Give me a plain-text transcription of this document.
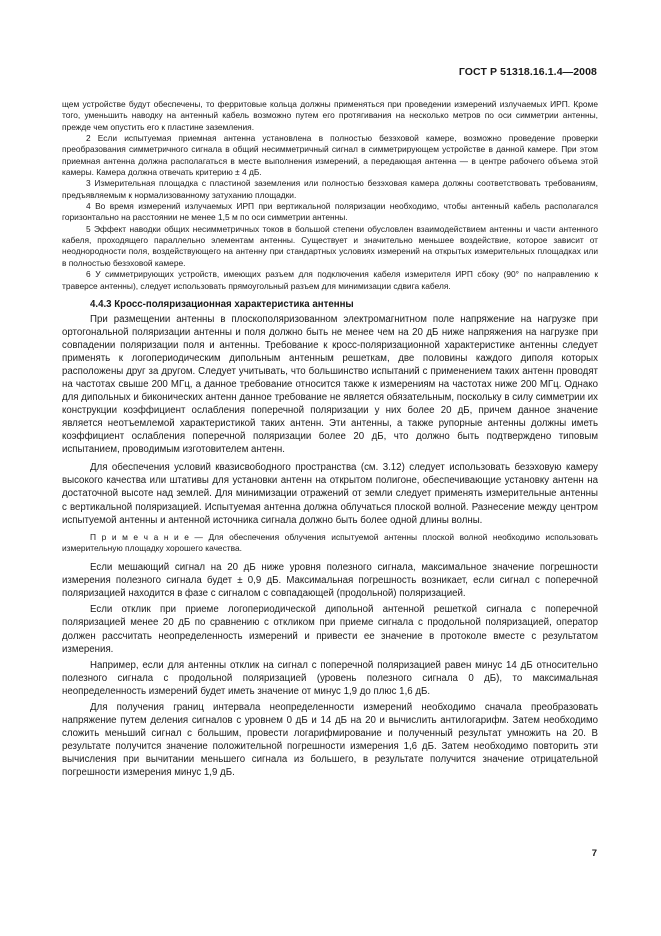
ГОСТ Р 51318.16.1.4—2008

щем устройстве будут обеспечены, то ферритовые кольца должны применяться при проведении измерений излучаемых ИРП. Кроме того, уменьшить наводку на антенный кабель возможно путем его протягивания на несколько метров по оси симметрии антенны, прежде чем опустить его к пластине заземления.

2 Если испытуемая приемная антенна установлена в полностью безэховой камере, возможно проведение проверки преобразования симметричного сигнала в общий несимметричный сигнал в симметрирующем устройстве в данной камере. При этом приемная антенна должна располагаться в месте выполнения измерений, а передающая антенна — в центре рабочего объема этой камеры. Камера должна отвечать критерию ± 4 дБ.

3 Измерительная площадка с пластиной заземления или полностью безэховая камера должны соответствовать требованиям, предъявляемым к нормализованному затуханию площадки.

4 Во время измерений излучаемых ИРП при вертикальной поляризации необходимо, чтобы антенный кабель располагался горизонтально на расстоянии не менее 1,5 м по оси симметрии антенны.

5 Эффект наводки общих несимметричных токов в большой степени обусловлен взаимодействием антенны и части антенного кабеля, проходящего параллельно элементам антенны. Существует и значительно меньшее воздействие, которое зависит от неоднородности поля, воздействующего на антенну при стандартных условиях измерений на открытых измерительных площадках или в полностью безэховой камере.

6 У симметрирующих устройств, имеющих разъем для подключения кабеля измерителя ИРП сбоку (90° по направлению к траверсе антенны), следует использовать прямоугольный разъем для минимизации сдвига кабеля.

4.4.3 Кросс-поляризационная характеристика антенны

При размещении антенны в плоскополяризованном электромагнитном поле напряжение на нагрузке при ортогональной поляризации антенны и поля должно быть не менее чем на 20 дБ ниже напряжения на нагрузке при совпадении поляризации поля и антенны. Требование к кросс-поляризационной характеристике антенны следует применять к логопериодическим дипольным антенным решеткам, две половины каждого диполя которых расположены друг за другом. Следует учитывать, что большинство испытаний с применением таких антенн проводят на частотах свыше 200 МГц, а данное требование относится также к измерениям на частотах ниже 200 МГц. Однако для дипольных и биконических антенн данное требование не является обязательным, поскольку в силу симметрии их конструкции коэффициент ослабления поперечной поляризации у них более 20 дБ, причем данное значение является неотъемлемой характеристикой таких антенн. Эти антенны, а также рупорные антенны должны иметь коэффициент ослабления поперечной поляризации более 20 дБ, что должно быть подтверждено типовым испытанием, проводимым изготовителем антенн.

Для обеспечения условий квазисвободного пространства (см. 3.12) следует использовать безэховую камеру высокого качества или штативы для установки антенн на открытом полигоне, обеспечивающие установку антенн на достаточной высоте над землей. Для минимизации отражений от земли следует применять измерительные антенны с вертикальной поляризацией. Испытуемая антенна должна облучаться плоской волной. Разнесение между центром испытуемой антенны и антенной источника сигнала должно быть более одной длины волны.

П р и м е ч а н и е — Для обеспечения облучения испытуемой антенны плоской волной необходимо использовать измерительную площадку хорошего качества.

Если мешающий сигнал на 20 дБ ниже уровня полезного сигнала, максимальное значение погрешности измерения полезного сигнала будет ± 0,9 дБ. Максимальная погрешность возникает, если сигнал с поперечной поляризацией находится в фазе с сигналом с совпадающей (продольной) поляризацией.

Если отклик при приеме логопериодической дипольной антенной решеткой сигнала с поперечной поляризацией менее 20 дБ по сравнению с откликом при приеме сигнала с продольной поляризацией, оператор должен рассчитать неопределенность измерений и привести ее значение в протоколе вместе с результатом измерения.

Например, если для антенны отклик на сигнал с поперечной поляризацией равен минус 14 дБ относительно полезного сигнала с продольной поляризацией (уровень полезного сигнала 0 дБ), то максимальная неопределенность измерений будет иметь значение от минус 1,9 до плюс 1,6 дБ.

Для получения границ интервала неопределенности измерений необходимо сначала преобразовать напряжение путем деления сигналов с уровнем 0 дБ и 14 дБ на 20 и вычислить антилогарифм. Затем необходимо сложить меньший сигнал с большим, провести логарифмирование и полученный результат умножить на 20. В результате получится значение положительной погрешности измерения 1,6 дБ. Затем необходимо повторить эти вычисления при вычитании меньшего сигнала из большего, в результате получится значение отрицательной погрешности измерения минус 1,9 дБ.

7
